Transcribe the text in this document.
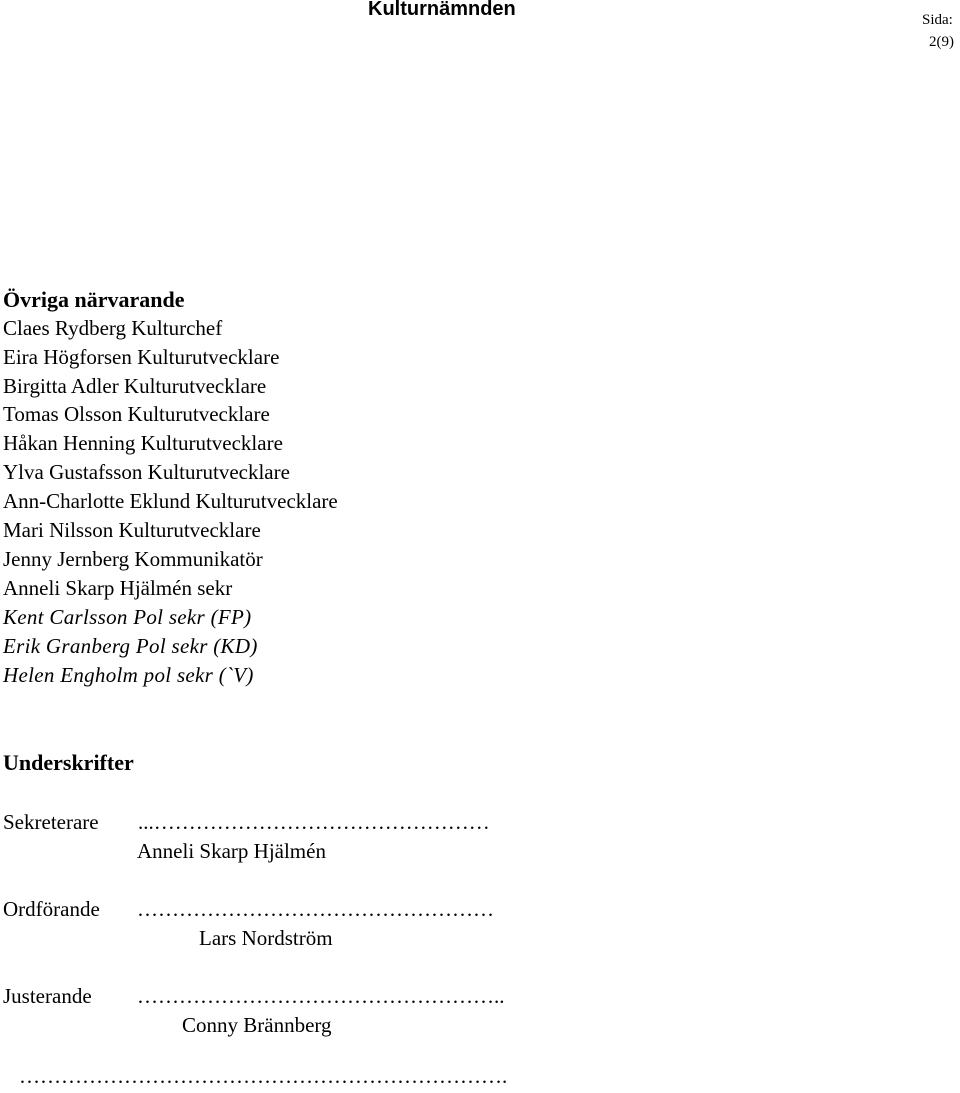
Kulturnämnden	Sida:
2(9)
Övriga närvarande
Claes Rydberg Kulturchef
Eira Högforsen Kulturutvecklare
Birgitta Adler Kulturutvecklare
Tomas Olsson Kulturutvecklare
Håkan Henning Kulturutvecklare
Ylva Gustafsson Kulturutvecklare
Ann-Charlotte Eklund Kulturutvecklare
Mari Nilsson Kulturutvecklare
Jenny Jernberg Kommunikatör
Anneli Skarp Hjälmén sekr
Kent Carlsson Pol sekr (FP)
Erik Granberg Pol sekr (KD)
Helen Engholm pol sekr (`V)
Underskrifter
Sekreterare ...…………………………………………
Anneli Skarp Hjälmén
Ordförande ……………………………………………
Lars Nordström
Justerande ……………………………………………..
Conny Brännberg
…………………………………………………………….
